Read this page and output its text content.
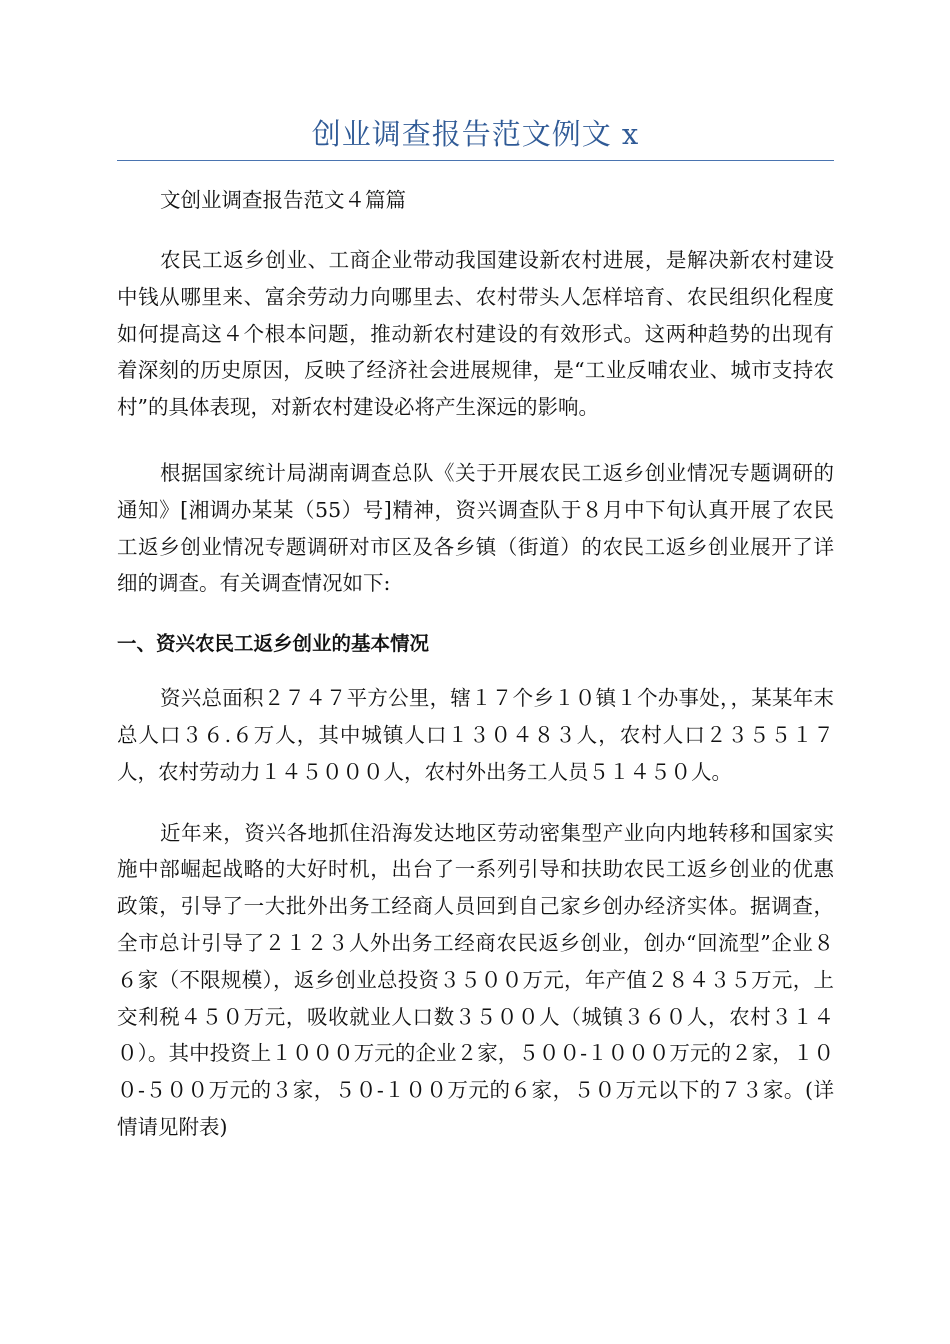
创业调查报告范文例文 x

文创业调查报告范文４篇篇

农民工返乡创业、工商企业带动我国建设新农村进展，是解决新农村建设中钱从哪里来、富余劳动力向哪里去、农村带头人怎样培育、农民组织化程度如何提高这４个根本问题，推动新农村建设的有效形式。这两种趋势的出现有着深刻的历史原因，反映了经济社会进展规律，是“工业反哺农业、城市支持农村”的具体表现，对新农村建设必将产生深远的影响。

根据国家统计局湖南调查总队《关于开展农民工返乡创业情况专题调研的通知》[湘调办某某（55）号]精神，资兴调查队于８月中下旬认真开展了农民工返乡创业情况专题调研对市区及各乡镇（街道）的农民工返乡创业展开了详细的调查。有关调查情况如下:

一、资兴农民工返乡创业的基本情况

资兴总面积２７４７平方公里，辖１７个乡１０镇１个办事处，，某某年末总人口３６.６万人，其中城镇人口１３０４８３人，农村人口２３５５１７人，农村劳动力１４５０００人，农村外出务工人员５１４５０人。

近年来，资兴各地抓住沿海发达地区劳动密集型产业向内地转移和国家实施中部崛起战略的大好时机，出台了一系列引导和扶助农民工返乡创业的优惠政策，引导了一大批外出务工经商人员回到自己家乡创办经济实体。据调查，全市总计引导了２１２３人外出务工经商农民返乡创业，创办“回流型”企业８６家（不限规模），返乡创业总投资３５００万元，年产值２８４３５万元，上交利税４５０万元，吸收就业人口数３５００人（城镇３６０人，农村３１４０）。其中投资上１０００万元的企业２家，５００-１０００万元的２家，１００-５００万元的３家，５０-１００万元的６家，５０万元以下的７３家。(详情请见附表)
